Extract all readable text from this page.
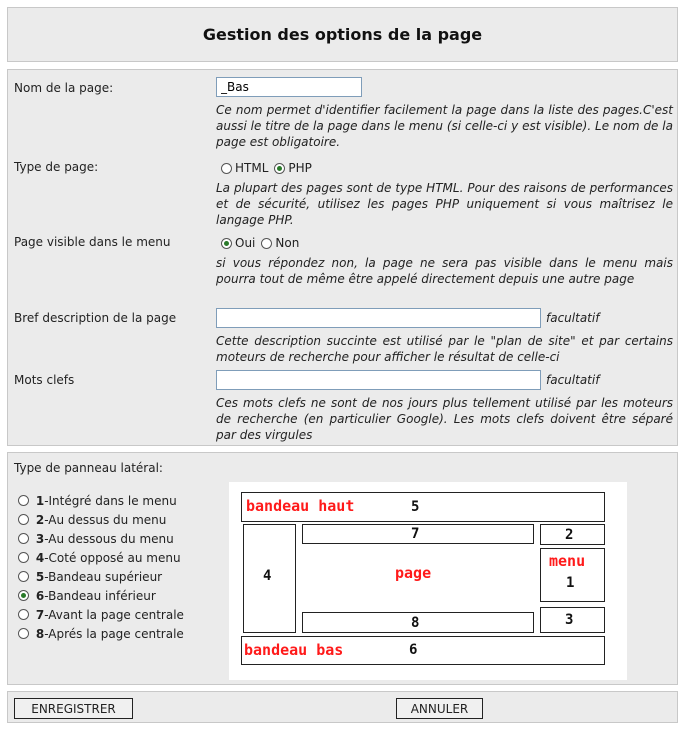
Gestion des options de la page
Nom de la page:
_Bas
Ce nom permet d'identifier facilement la page dans la liste des pages.C'est aussi le titre de la page dans le menu (si celle-ci y est visible). Le nom de la page est obligatoire.
Type de page:	HTML PHP
La plupart des pages sont de type HTML. Pour des raisons de performances et de sécurité, utilisez les pages PHP uniquement si vous maîtrisez le langage PHP.
Page visible dans le menu	Oui Non
si vous répondez non, la page ne sera pas visible dans le menu mais pourra tout de même être appelé directement depuis une autre page
Bref description de la page	facultatif
Cette description succinte est utilisé par le "plan de site" et par certains moteurs de recherche pour afficher le résultat de celle-ci
Mots clefs	facultatif
Ces mots clefs ne sont de nos jours plus tellement utilisé par les moteurs de recherche (en particulier Google). Les mots clefs doivent être séparé par des virgules
Type de panneau latéral:

1 -Intégré dans le menu

2 -Au dessus du menu

3 -Au dessous du menu

4 -Coté opposé au menu

5 -Bandeau supérieur

6 -Bandeau inférieur

7 -Avant la page centrale

8 -Aprés la page centrale
bandeau haut	5
4
7
page
8
2
menu
1
3
bandeau bas	6
ENREGISTRER	ANNULER
